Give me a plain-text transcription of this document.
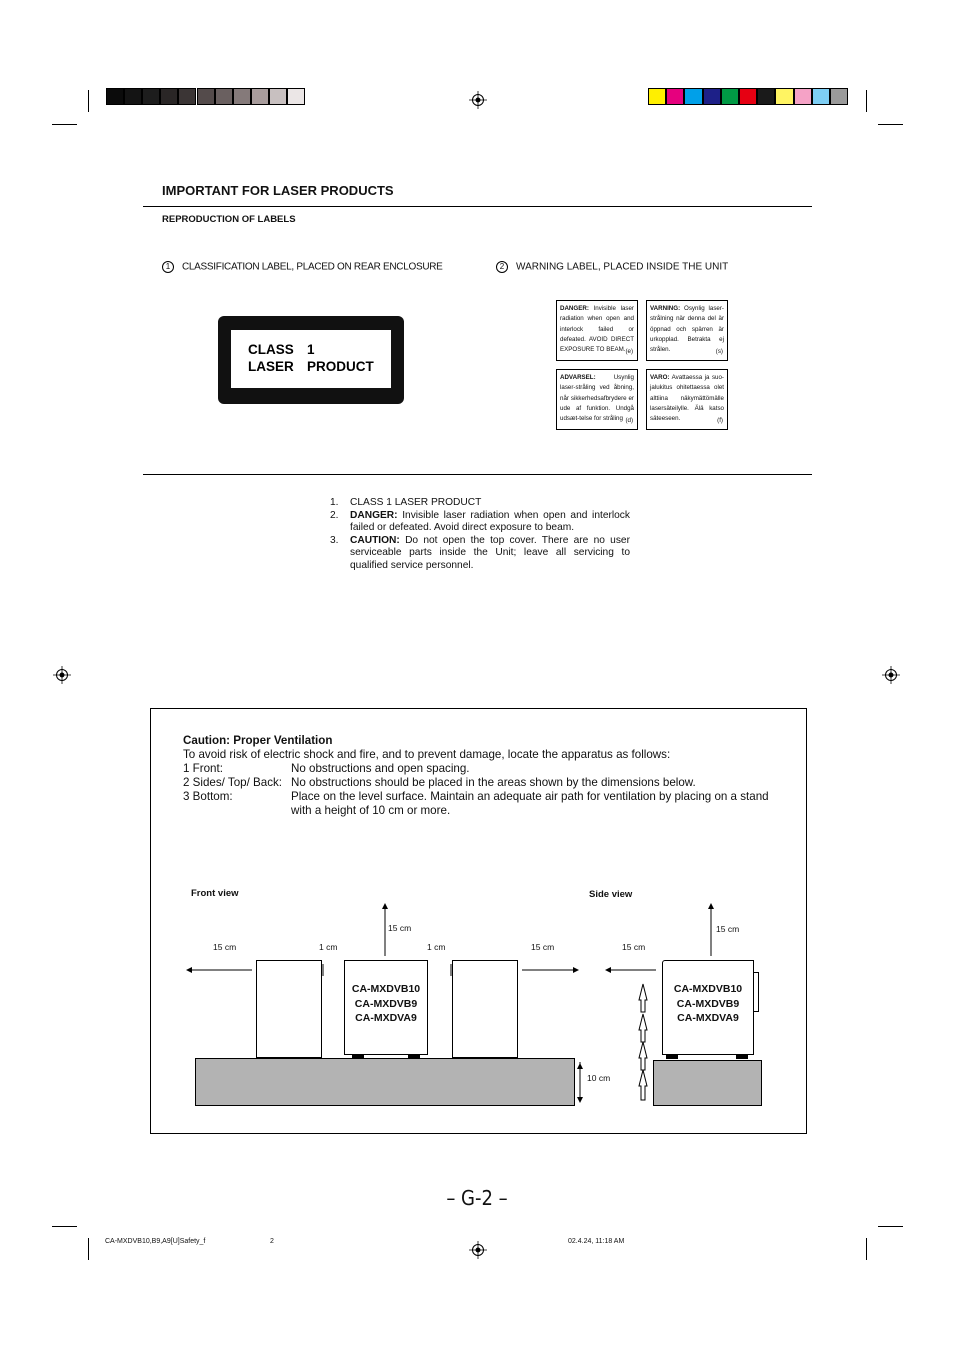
IMPORTANT FOR LASER PRODUCTS
REPRODUCTION OF LABELS
1 CLASSIFICATION LABEL, PLACED ON REAR ENCLOSURE	2 WARNING LABEL, PLACED INSIDE THE UNIT
CLASS 1
LASER PRODUCT
DANGER: Invisible laser radiation when open and interlock failed or defeated. AVOID DIRECT EXPOSURE TO BEAM. (e)
VARNING: Osynlig laser-strålning när denna del är öppnad och spärren är urkopplad. Betrakta ej strålen.	(s)
ADVARSEL:	Usynlig laser-stråling ved åbning, når sikkerhedsafbrydere er ude af funktion. Undgå udsæt-telse for stråling (d)
VARO: Avattaessa ja suo-jalukitus ohitettaessa olet alttiina näkymättömälle lasersäteilylle. Älä katso säteeseen.	(f)
1. CLASS 1 LASER PRODUCT
2. DANGER: Invisible laser radiation when open and interlock failed or defeated. Avoid direct exposure to beam.
3. CAUTION: Do not open the top cover. There are no user serviceable parts inside the Unit; leave all servicing to qualified service personnel.
Caution: Proper Ventilation
To avoid risk of electric shock and fire, and to prevent damage, locate the apparatus as follows:
1 Front:	No obstructions and open spacing.
2 Sides/ Top/ Back: No obstructions should be placed in the areas shown by the dimensions below.
3 Bottom:	Place on the level surface. Maintain an adequate air path for ventilation by placing on a stand with a height of 10 cm or more.
Front view	Side view
15 cm	1 cm
15 cm
1 cm	15 cm	15 cm
15 cm
10 cm
CA-MXDVB10
CA-MXDVB9
CA-MXDVA9
CA-MXDVB10
CA-MXDVB9
CA-MXDVA9
– G-2 –
CA-MXDVB10,B9,A9[U]Safety_f	2	02.4.24, 11:18 AM
